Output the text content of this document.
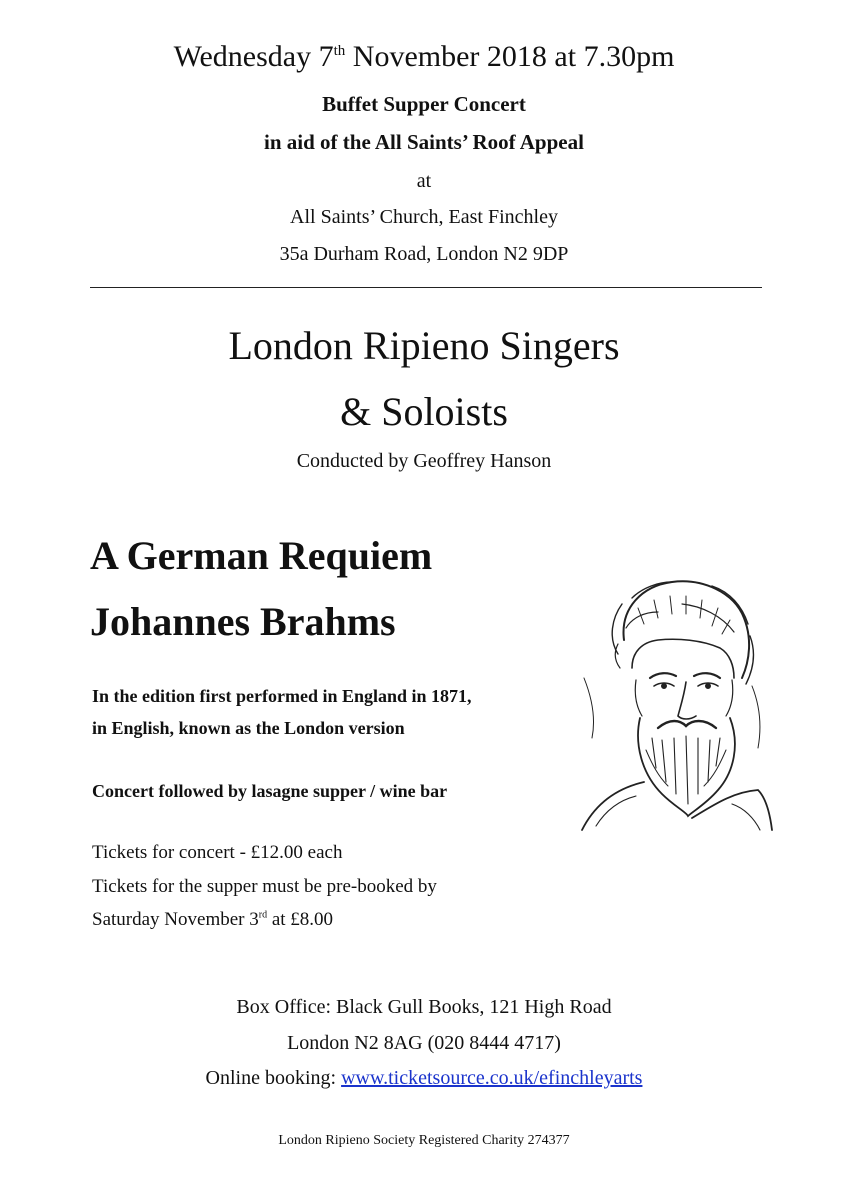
Wednesday 7th November 2018 at 7.30pm
Buffet Supper Concert
in aid of the All Saints’ Roof Appeal
at
All Saints’ Church, East Finchley
35a Durham Road, London N2 9DP
London Ripieno Singers
& Soloists
Conducted by Geoffrey Hanson
A German Requiem
Johannes Brahms
In the edition first performed in England in 1871,
in English, known as the London version
Concert followed by lasagne supper / wine bar
Tickets for concert - £12.00 each
Tickets for the supper must be pre-booked by
Saturday November 3rd at £8.00
Box Office: Black Gull Books, 121 High Road
London N2 8AG (020 8444 4717)
Online booking: www.ticketsource.co.uk/efinchleyarts
London Ripieno Society Registered Charity 274377
